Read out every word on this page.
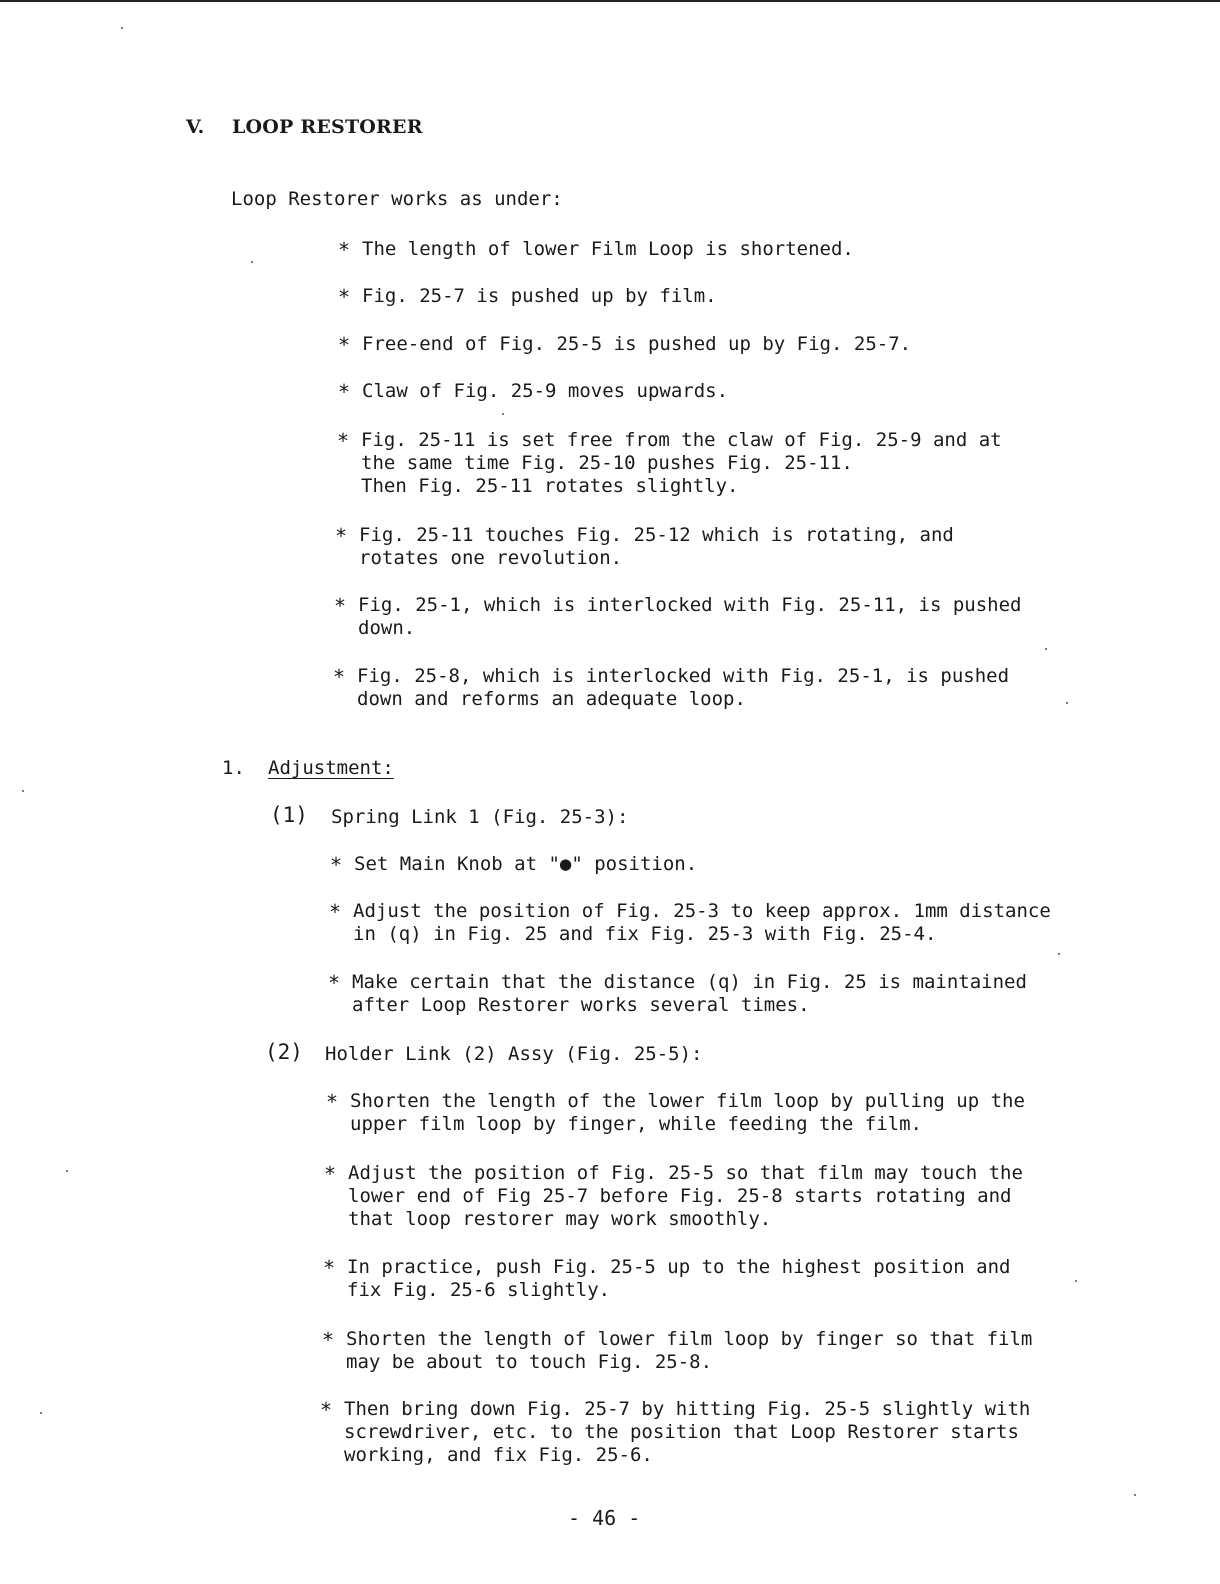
V. LOOP RESTORER
Loop Restorer works as under:
* The length of lower Film Loop is shortened.
* Fig. 25-7 is pushed up by film.
* Free-end of Fig. 25-5 is pushed up by Fig. 25-7.
* Claw of Fig. 25-9 moves upwards.
* Fig. 25-11 is set free from the claw of Fig. 25-9 and at
the same time Fig. 25-10 pushes Fig. 25-11.
Then Fig. 25-11 rotates slightly.
* Fig. 25-11 touches Fig. 25-12 which is rotating, and
rotates one revolution.
* Fig. 25-1, which is interlocked with Fig. 25-11, is pushed
down.
* Fig. 25-8, which is interlocked with Fig. 25-1, is pushed
down and reforms an adequate loop.
1. Adjustment:
(1) Spring Link 1 (Fig. 25-3):
* Set Main Knob at "●" position.
* Adjust the position of Fig. 25-3 to keep approx. 1mm distance
in (q) in Fig. 25 and fix Fig. 25-3 with Fig. 25-4.
* Make certain that the distance (q) in Fig. 25 is maintained
after Loop Restorer works several times.
(2) Holder Link (2) Assy (Fig. 25-5):
* Shorten the length of the lower film loop by pulling up the
upper film loop by finger, while feeding the film.
* Adjust the position of Fig. 25-5 so that film may touch the
lower end of Fig 25-7 before Fig. 25-8 starts rotating and
that loop restorer may work smoothly.
* In practice, push Fig. 25-5 up to the highest position and
fix Fig. 25-6 slightly.
* Shorten the length of lower film loop by finger so that film
may be about to touch Fig. 25-8.
* Then bring down Fig. 25-7 by hitting Fig. 25-5 slightly with
screwdriver, etc. to the position that Loop Restorer starts
working, and fix Fig. 25-6.
- 46 -
